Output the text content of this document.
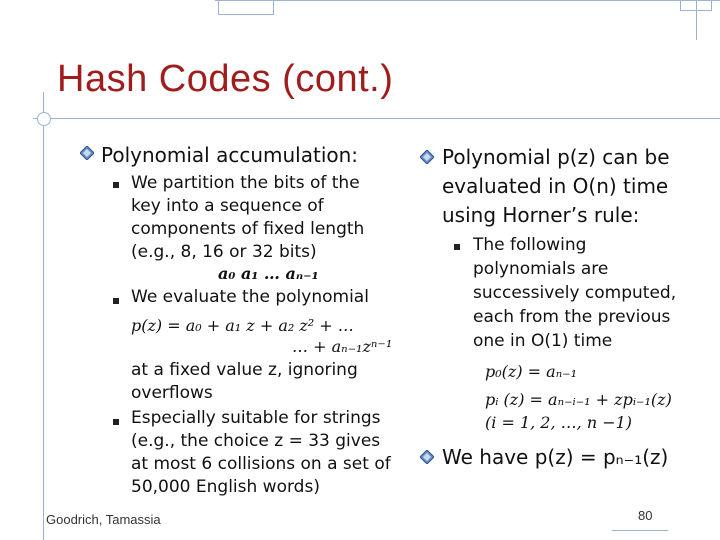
Hash Codes (cont.)
Polynomial accumulation:
We partition the bits of the
key into a sequence of
components of fixed length
(e.g., 8, 16 or 32 bits)
a₀ a₁ … aₙ₋₁
We evaluate the polynomial
p(z) = a₀ + a₁ z + a₂ z² + …
… + aₙ₋₁zⁿ⁻¹
at a fixed value z, ignoring
overflows
Especially suitable for strings
(e.g., the choice z = 33 gives
at most 6 collisions on a set of
50,000 English words)
Polynomial p(z) can be
evaluated in O(n) time
using Horner’s rule:
The following
polynomials are
successively computed,
each from the previous
one in O(1) time
p₀(z) = aₙ₋₁
pᵢ (z) = aₙ₋ᵢ₋₁ + zpᵢ₋₁(z)
(i = 1, 2, …, n −1)
We have p(z) = pₙ₋₁(z)
Goodrich, Tamassia	80
